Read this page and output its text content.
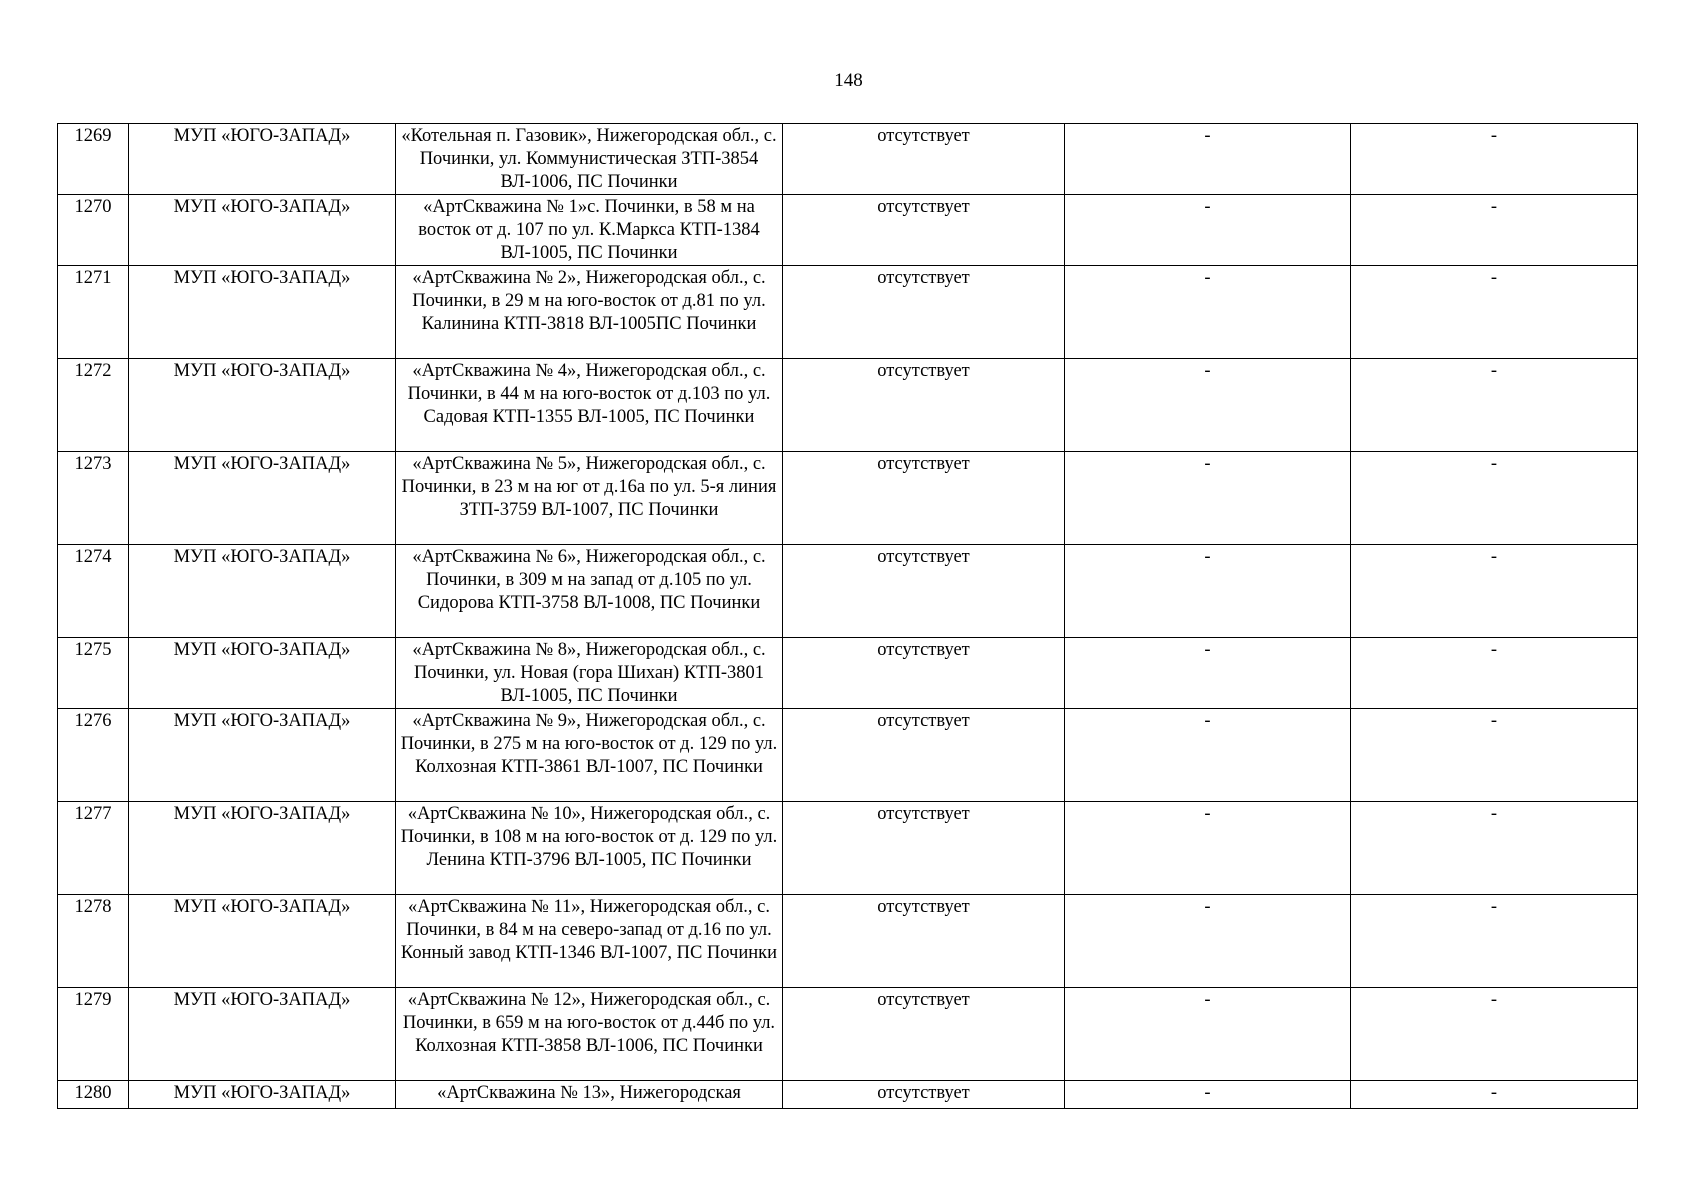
148
1269	МУП «ЮГО-ЗАПАД»	«Котельная п. Газовик», Нижегородская обл., с. Починки, ул. Коммунистическая ЗТП-3854 ВЛ-1006, ПС Починки	отсутствует	-	-
1270	МУП «ЮГО-ЗАПАД»	«АртСкважина № 1»с. Починки, в 58 м на восток от д. 107 по ул. К.Маркса КТП-1384 ВЛ-1005, ПС Починки	отсутствует	-	-
1271	МУП «ЮГО-ЗАПАД»	«АртСкважина № 2», Нижегородская обл., с. Починки, в 29 м на юго-восток от д.81 по ул. Калинина КТП-3818 ВЛ-1005ПС Починки	отсутствует	-	-
1272	МУП «ЮГО-ЗАПАД»	«АртСкважина № 4», Нижегородская обл., с. Починки, в 44 м на юго-восток от д.103 по ул. Садовая КТП-1355 ВЛ-1005, ПС Починки	отсутствует	-	-
1273	МУП «ЮГО-ЗАПАД»	«АртСкважина № 5», Нижегородская обл., с. Починки, в 23 м на юг от д.16а по ул. 5-я линия ЗТП-3759 ВЛ-1007, ПС Починки	отсутствует	-	-
1274	МУП «ЮГО-ЗАПАД»	«АртСкважина № 6», Нижегородская обл., с. Починки, в 309 м на запад от д.105 по ул. Сидорова КТП-3758 ВЛ-1008, ПС Починки	отсутствует	-	-
1275	МУП «ЮГО-ЗАПАД»	«АртСкважина № 8», Нижегородская обл., с. Починки, ул. Новая (гора Шихан) КТП-3801 ВЛ-1005, ПС Починки	отсутствует	-	-
1276	МУП «ЮГО-ЗАПАД»	«АртСкважина № 9», Нижегородская обл., с. Починки, в 275 м на юго-восток от д. 129 по ул. Колхозная КТП-3861 ВЛ-1007, ПС Починки	отсутствует	-	-
1277	МУП «ЮГО-ЗАПАД»	«АртСкважина № 10», Нижегородская обл., с. Починки, в 108 м на юго-восток от д. 129 по ул. Ленина КТП-3796 ВЛ-1005, ПС Починки	отсутствует	-	-
1278	МУП «ЮГО-ЗАПАД»	«АртСкважина № 11», Нижегородская обл., с. Починки, в 84 м на северо-запад от д.16 по ул. Конный завод КТП-1346 ВЛ-1007, ПС Починки	отсутствует	-	-
1279	МУП «ЮГО-ЗАПАД»	«АртСкважина № 12», Нижегородская обл., с. Починки, в 659 м на юго-восток от д.44б по ул. Колхозная КТП-3858 ВЛ-1006, ПС Починки	отсутствует	-	-
1280	МУП «ЮГО-ЗАПАД»	«АртСкважина № 13», Нижегородская	отсутствует	-	-
